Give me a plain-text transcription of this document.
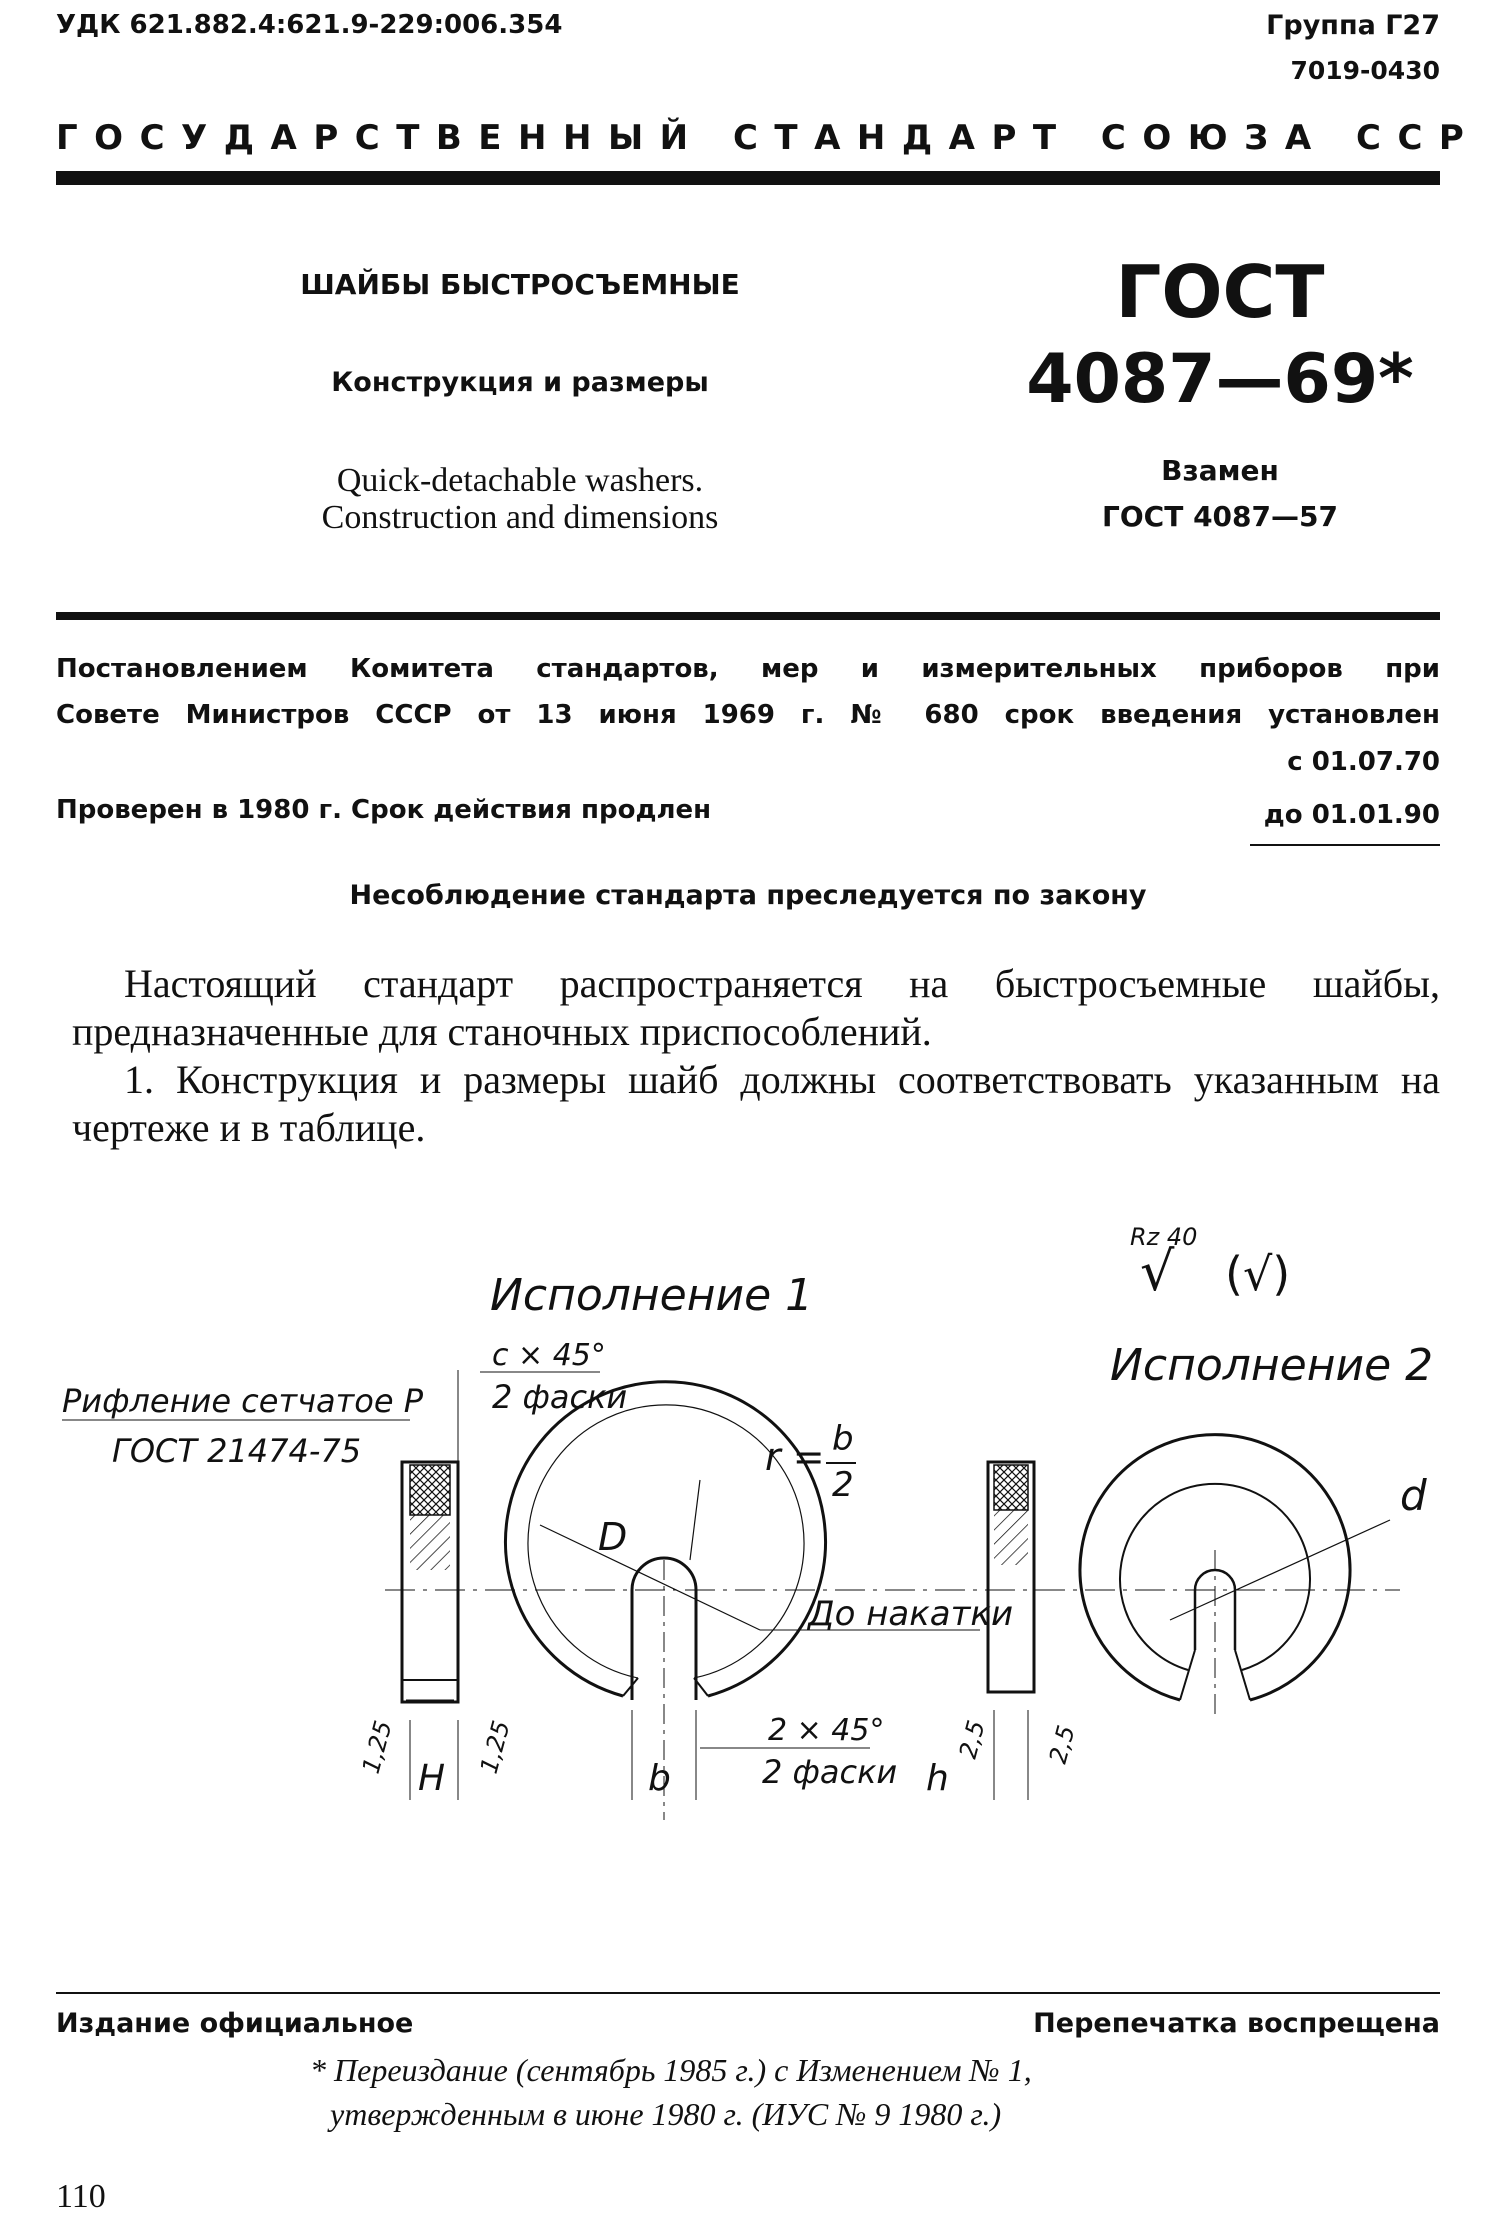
УДК 621.882.4:621.9-229:006.354	Группа Г27
7019-0430
ГОСУДАРСТВЕННЫЙ СТАНДАРТ СОЮЗА ССР
ШАЙБЫ БЫСТРОСЪЕМНЫЕ
Конструкция и размеры
Quick-detachable washers.
Construction and dimensions
ГОСТ
4087—69*
Взамен
ГОСТ 4087—57
Постановлением Комитета стандартов, мер и измерительных приборов при
Совете Министров СССР от 13 июня 1969 г. № 680 срок введения установлен
с 01.07.70
Проверен в 1980 г. Срок действия продлен	до 01.01.90
Несоблюдение стандарта преследуется по закону
Настоящий стандарт распространяется на быстросъемные шайбы, предназначенные для станочных приспособлений.
1. Конструкция и размеры шайб должны соответствовать указанным на чертеже и в таблице.
Rz 40
√ (√)
Исполнение 1
Исполнение 2
c × 45°
2 фаски
Рифление сетчатое P
ГОСТ 21474-75	r = b
2
D
d
До накатки
H	b	h
1,25	1,25	2 × 45°
2 фаски
2,5 2,5
Издание официальное	Перепечатка воспрещена
* Переиздание (сентябрь 1985 г.) с Изменением № 1,
утвержденным в июне 1980 г. (ИУС № 9 1980 г.)
110
